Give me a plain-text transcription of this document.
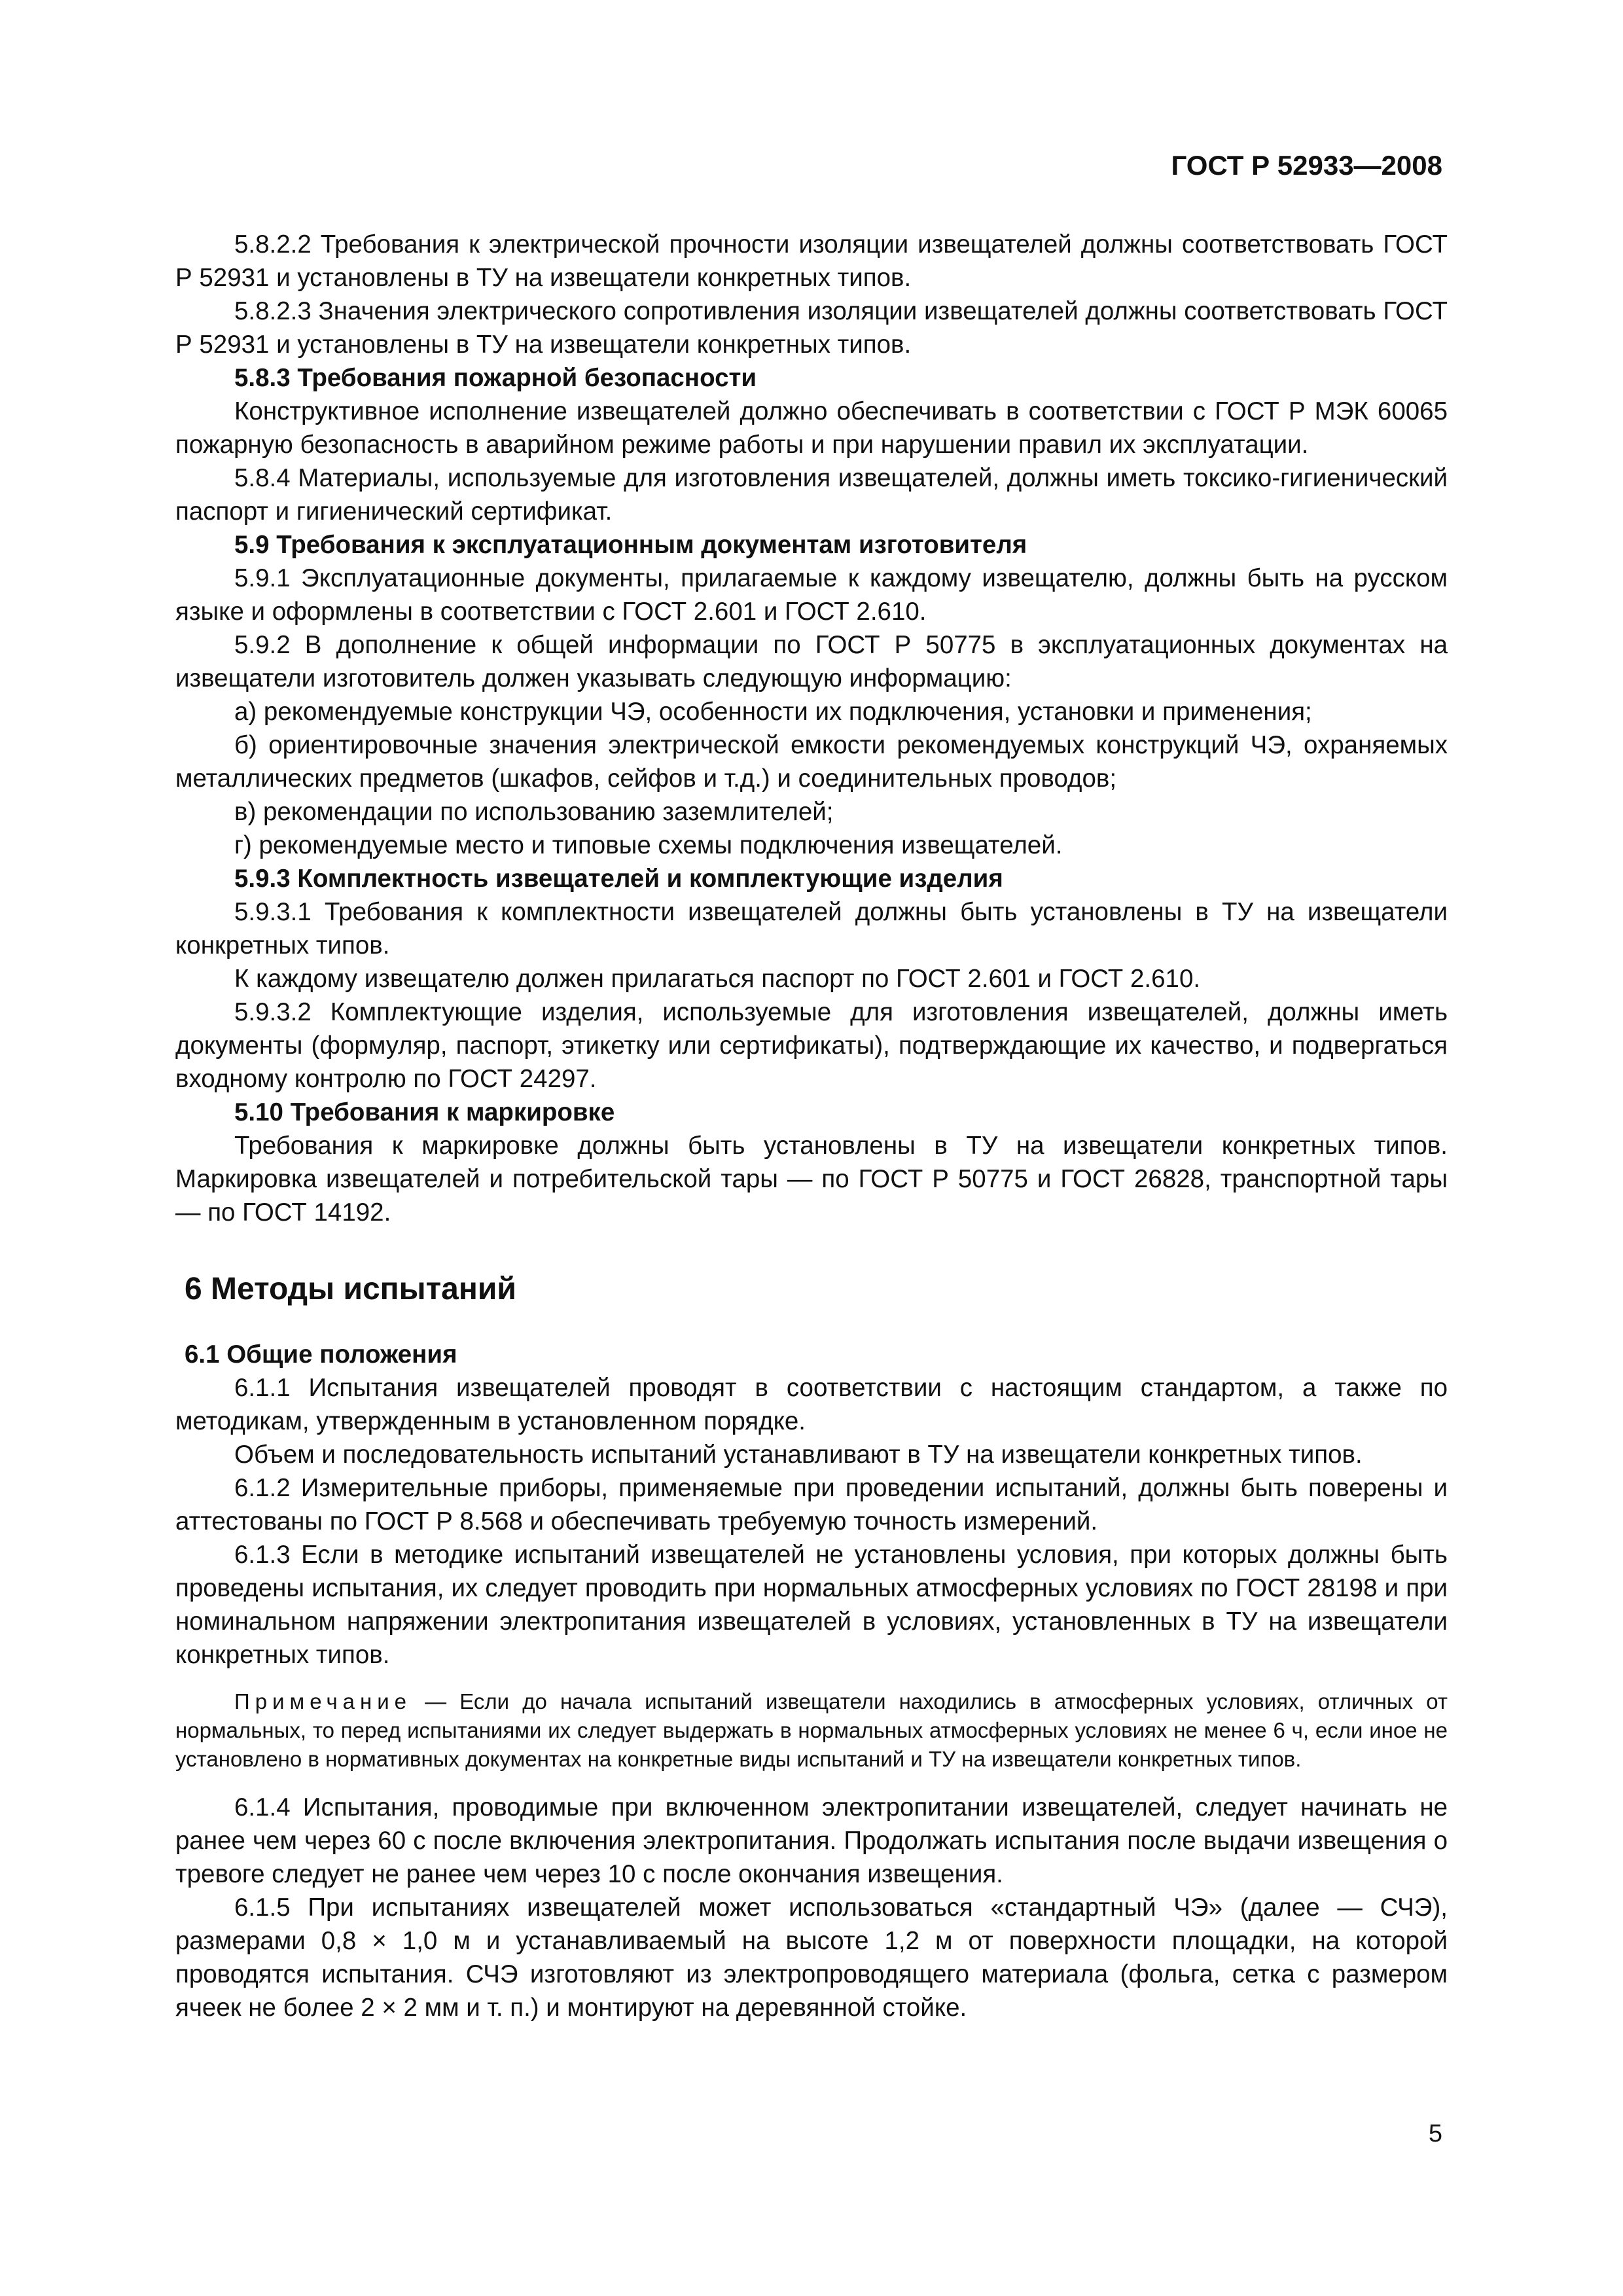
ГОСТ Р 52933—2008
5.8.2.2 Требования к электрической прочности изоляции извещателей должны соответствовать ГОСТ Р 52931 и установлены в ТУ на извещатели конкретных типов.
5.8.2.3 Значения электрического сопротивления изоляции извещателей должны соответствовать ГОСТ Р 52931 и установлены в ТУ на извещатели конкретных типов.
5.8.3 Требования пожарной безопасности
Конструктивное исполнение извещателей должно обеспечивать в соответствии с ГОСТ Р МЭК 60065 пожарную безопасность в аварийном режиме работы и при нарушении правил их эксплуатации.
5.8.4 Материалы, используемые для изготовления извещателей, должны иметь токсико-гигиенический паспорт и гигиенический сертификат.
5.9 Требования к эксплуатационным документам изготовителя
5.9.1 Эксплуатационные документы, прилагаемые к каждому извещателю, должны быть на русском языке и оформлены в соответствии с ГОСТ 2.601 и ГОСТ 2.610.
5.9.2 В дополнение к общей информации по ГОСТ Р 50775 в эксплуатационных документах на извещатели изготовитель должен указывать следующую информацию:
а) рекомендуемые конструкции ЧЭ, особенности их подключения, установки и применения;
б) ориентировочные значения электрической емкости рекомендуемых конструкций ЧЭ, охраняемых металлических предметов (шкафов, сейфов и т.д.) и соединительных проводов;
в) рекомендации по использованию заземлителей;
г) рекомендуемые место и типовые схемы подключения извещателей.
5.9.3 Комплектность извещателей и комплектующие изделия
5.9.3.1 Требования к комплектности извещателей должны быть установлены в ТУ на извещатели конкретных типов.
К каждому извещателю должен прилагаться паспорт по ГОСТ 2.601 и ГОСТ 2.610.
5.9.3.2 Комплектующие изделия, используемые для изготовления извещателей, должны иметь документы (формуляр, паспорт, этикетку или сертификаты), подтверждающие их качество, и подвергаться входному контролю по ГОСТ 24297.
5.10 Требования к маркировке
Требования к маркировке должны быть установлены в ТУ на извещатели конкретных типов. Маркировка извещателей и потребительской тары — по ГОСТ Р 50775 и ГОСТ 26828, транспортной тары — по ГОСТ 14192.
6 Методы испытаний
6.1 Общие положения
6.1.1 Испытания извещателей проводят в соответствии с настоящим стандартом, а также по методикам, утвержденным в установленном порядке.
Объем и последовательность испытаний устанавливают в ТУ на извещатели конкретных типов.
6.1.2 Измерительные приборы, применяемые при проведении испытаний, должны быть поверены и аттестованы по ГОСТ Р 8.568 и обеспечивать требуемую точность измерений.
6.1.3 Если в методике испытаний извещателей не установлены условия, при которых должны быть проведены испытания, их следует проводить при нормальных атмосферных условиях по ГОСТ 28198 и при номинальном напряжении электропитания извещателей в условиях, установленных в ТУ на извещатели конкретных типов.
Примечание — Если до начала испытаний извещатели находились в атмосферных условиях, отличных от нормальных, то перед испытаниями их следует выдержать в нормальных атмосферных условиях не менее 6 ч, если иное не установлено в нормативных документах на конкретные виды испытаний и ТУ на извещатели конкретных типов.
6.1.4 Испытания, проводимые при включенном электропитании извещателей, следует начинать не ранее чем через 60 с после включения электропитания. Продолжать испытания после выдачи извещения о тревоге следует не ранее чем через 10 с после окончания извещения.
6.1.5 При испытаниях извещателей может использоваться «стандартный ЧЭ» (далее — СЧЭ), размерами 0,8 × 1,0 м и устанавливаемый на высоте 1,2 м от поверхности площадки, на которой проводятся испытания. СЧЭ изготовляют из электропроводящего материала (фольга, сетка с размером ячеек не более 2 × 2 мм и т. п.) и монтируют на деревянной стойке.
5
